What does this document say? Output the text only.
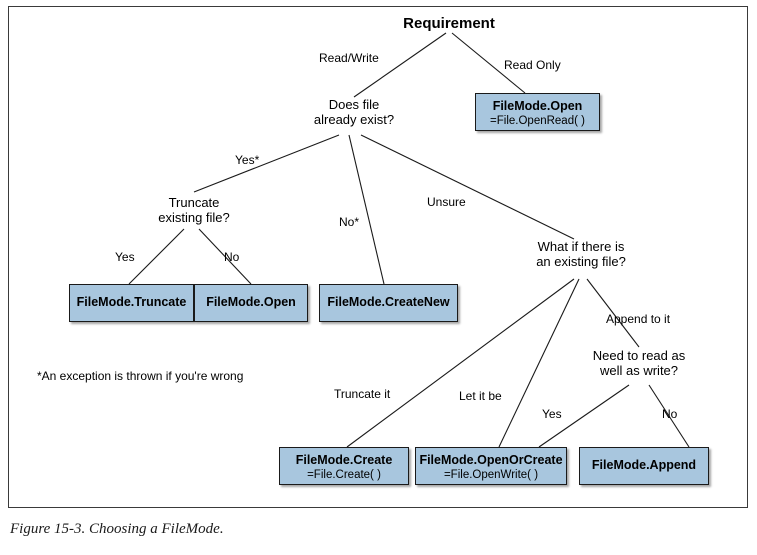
Requirement
Read/Write	Read Only
Does file
already exist?
FileMode.Open
=File.OpenRead( )
Yes*
No*
Unsure
Truncate
existing file?
Yes	No
What if there is
an existing file?
Append to it
Need to read as
well as write?
Truncate it	Let it be
Yes	No
FileMode.Truncate	FileMode.Open	FileMode.CreateNew
FileMode.Create
=File.Create( )
FileMode.OpenOrCreate
=File.OpenWrite( )
FileMode.Append
*An exception is thrown if you're wrong
Figure 15-3. Choosing a FileMode.
